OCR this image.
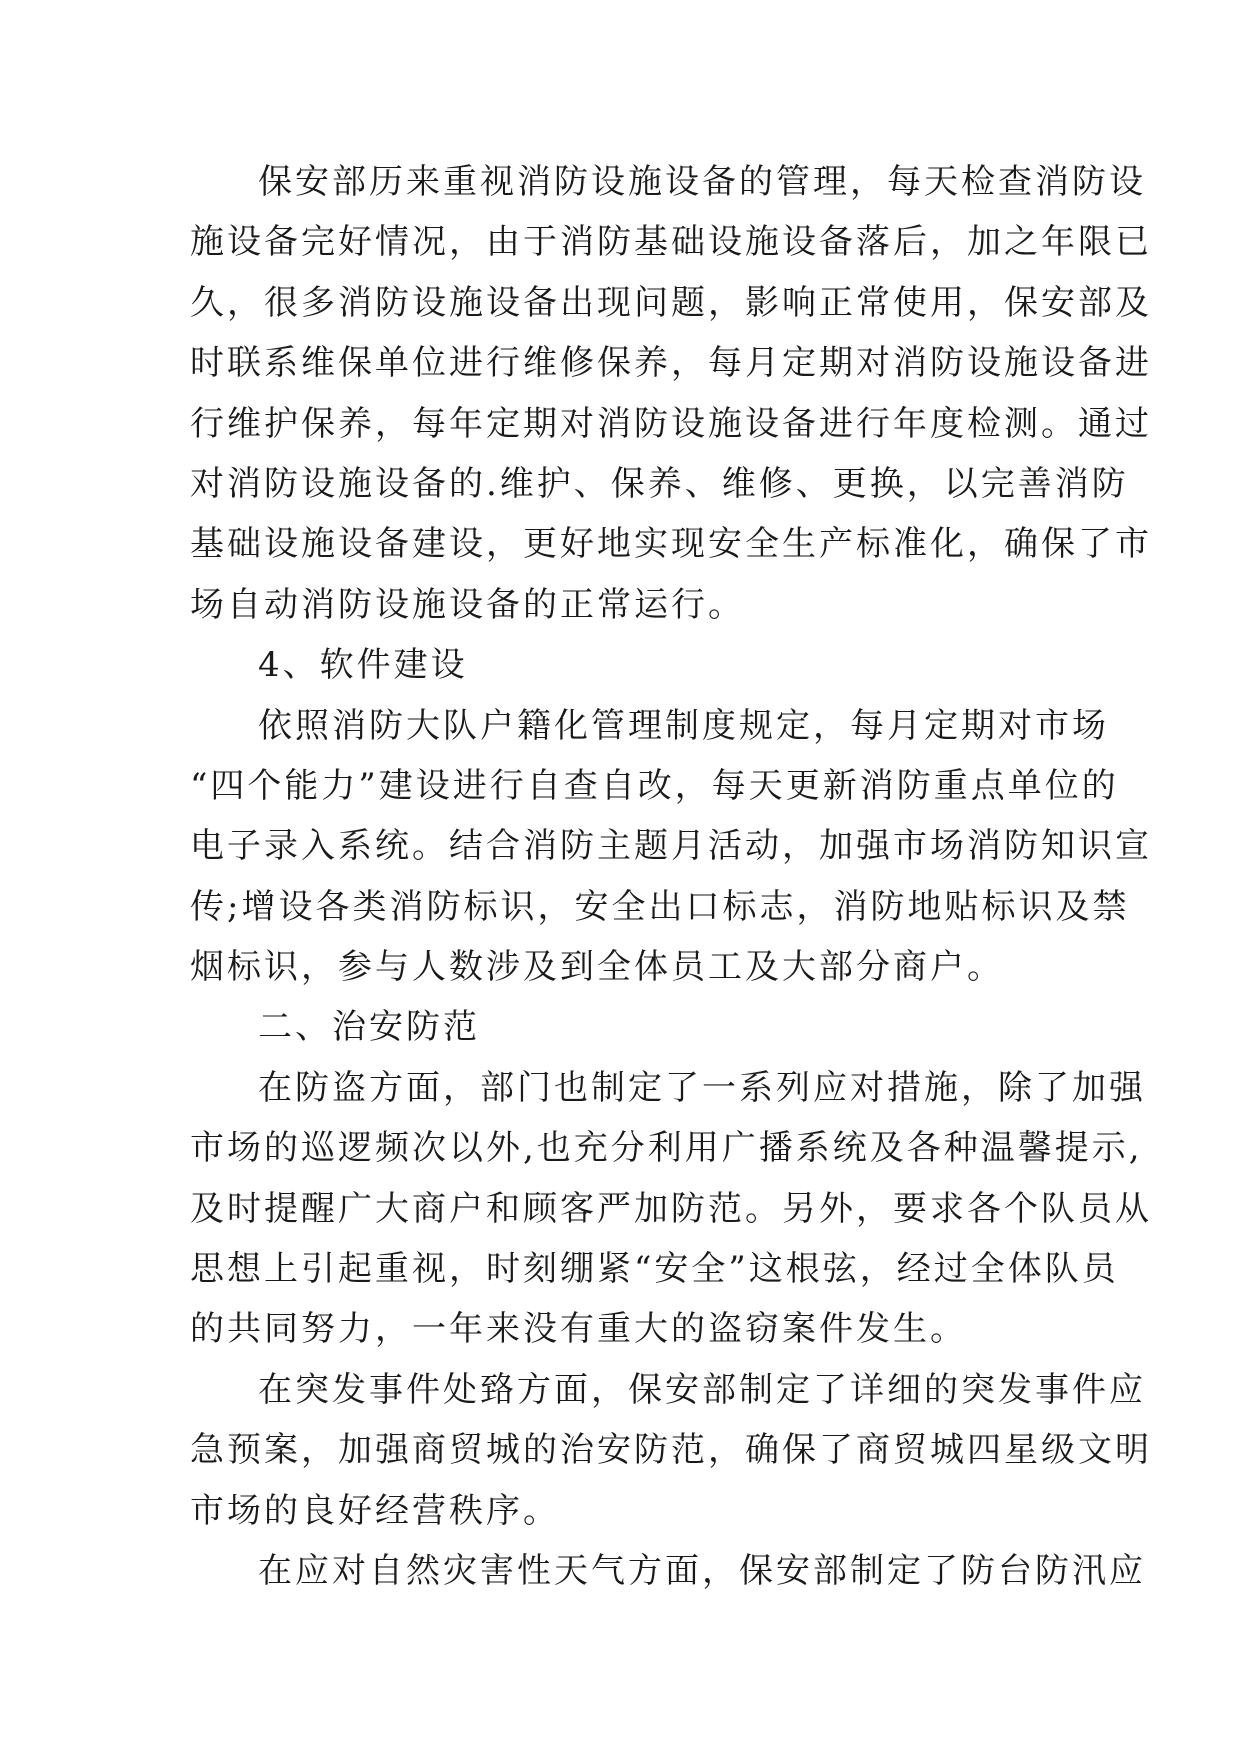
保安部历来重视消防设施设备的管理，每天检查消防设
施设备完好情况，由于消防基础设施设备落后，加之年限已
久，很多消防设施设备出现问题，影响正常使用，保安部及
时联系维保单位进行维修保养，每月定期对消防设施设备进
行维护保养，每年定期对消防设施设备进行年度检测。通过
对消防设施设备的.维护、保养、维修、更换，以完善消防
基础设施设备建设，更好地实现安全生产标准化，确保了市
场自动消防设施设备的正常运行。
4、软件建设
依照消防大队户籍化管理制度规定，每月定期对市场
“四个能力”建设进行自查自改，每天更新消防重点单位的
电子录入系统。结合消防主题月活动，加强市场消防知识宣
传;增设各类消防标识，安全出口标志，消防地贴标识及禁
烟标识，参与人数涉及到全体员工及大部分商户。
二、治安防范
在防盗方面，部门也制定了一系列应对措施，除了加强
市场的巡逻频次以外,也充分利用广播系统及各种温馨提示,
及时提醒广大商户和顾客严加防范。另外，要求各个队员从
思想上引起重视，时刻绷紧“安全”这根弦，经过全体队员
的共同努力，一年来没有重大的盗窃案件发生。
在突发事件处臵方面，保安部制定了详细的突发事件应
急预案，加强商贸城的治安防范，确保了商贸城四星级文明
市场的良好经营秩序。
在应对自然灾害性天气方面，保安部制定了防台防汛应
